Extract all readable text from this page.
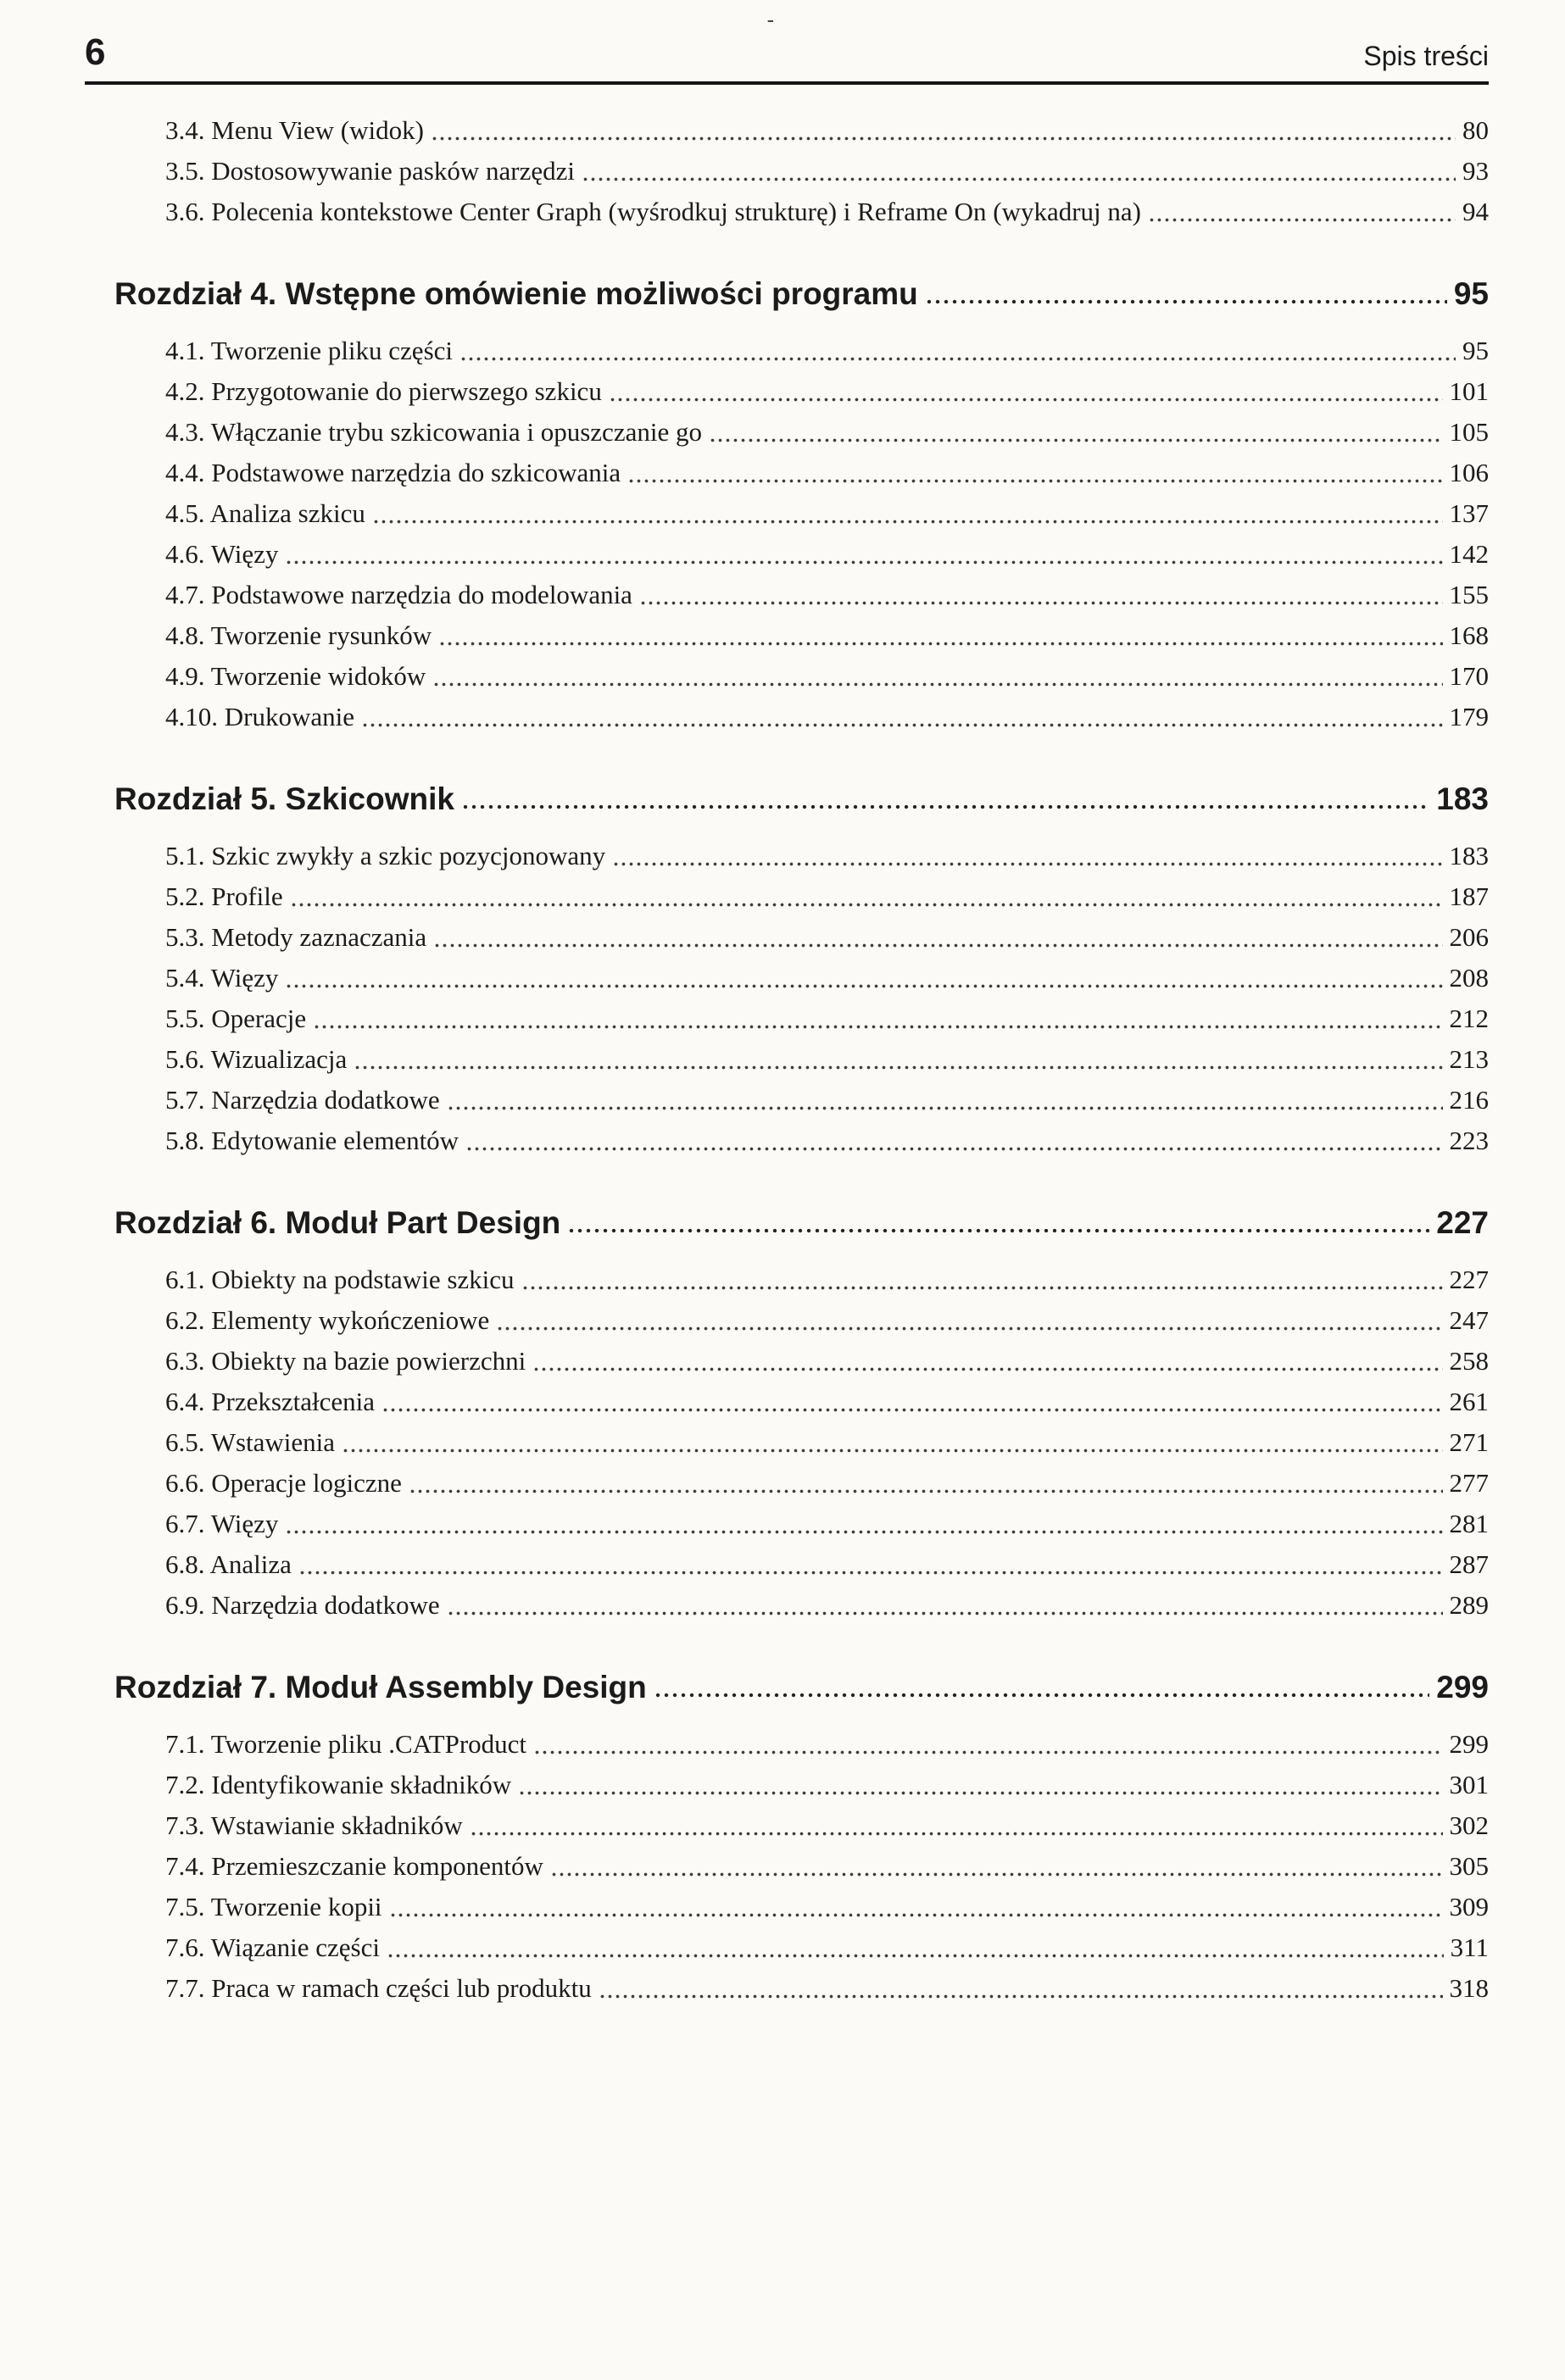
-
6	Spis treści
3.4. Menu View (widok)	80
3.5. Dostosowywanie pasków narzędzi	93
3.6. Polecenia kontekstowe Center Graph (wyśrodkuj strukturę) i Reframe On (wykadruj na)	94
Rozdział 4. Wstępne omówienie możliwości programu	95
4.1. Tworzenie pliku części	95
4.2. Przygotowanie do pierwszego szkicu	101
4.3. Włączanie trybu szkicowania i opuszczanie go	105
4.4. Podstawowe narzędzia do szkicowania	106
4.5. Analiza szkicu	137
4.6. Więzy	142
4.7. Podstawowe narzędzia do modelowania	155
4.8. Tworzenie rysunków	168
4.9. Tworzenie widoków	170
4.10. Drukowanie	179
Rozdział 5. Szkicownik	183
5.1. Szkic zwykły a szkic pozycjonowany	183
5.2. Profile	187
5.3. Metody zaznaczania	206
5.4. Więzy	208
5.5. Operacje	212
5.6. Wizualizacja	213
5.7. Narzędzia dodatkowe	216
5.8. Edytowanie elementów	223
Rozdział 6. Moduł Part Design	227
6.1. Obiekty na podstawie szkicu	227
6.2. Elementy wykończeniowe	247
6.3. Obiekty na bazie powierzchni	258
6.4. Przekształcenia	261
6.5. Wstawienia	271
6.6. Operacje logiczne	277
6.7. Więzy	281
6.8. Analiza	287
6.9. Narzędzia dodatkowe	289
Rozdział 7. Moduł Assembly Design	299
7.1. Tworzenie pliku .CATProduct	299
7.2. Identyfikowanie składników	301
7.3. Wstawianie składników	302
7.4. Przemieszczanie komponentów	305
7.5. Tworzenie kopii	309
7.6. Wiązanie części	311
7.7. Praca w ramach części lub produktu	318
